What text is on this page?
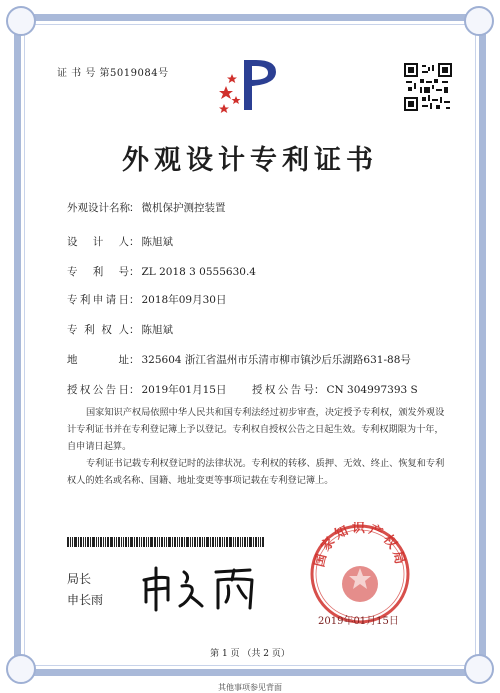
证 书 号 第5019084号
外观设计专利证书
外观设计名称： 微机保护测控装置
设计人： 陈旭斌
专利号： ZL 2018 3 0555630.4
专利申请日： 2018年09月30日
专利权人： 陈旭斌
地址： 325604 浙江省温州市乐清市柳市镇沙后乐湖路631-88号
授权公告日： 2019年01月15日 授权公告号： CN 304997393 S
国家知识产权局依照中华人民共和国专利法经过初步审查，决定授予专利权，颁发外观设计专利证书并在专利登记簿上予以登记。专利权自授权公告之日起生效。专利权期限为十年，自申请日起算。
专利证书记载专利权登记时的法律状况。专利权的转移、质押、无效、终止、恢复和专利权人的姓名或名称、国籍、地址变更等事项记载在专利登记簿上。
局长
申长雨
国家知识产权局
2019年01月15日
第 1 页 （共 2 页）
其他事项参见背面
